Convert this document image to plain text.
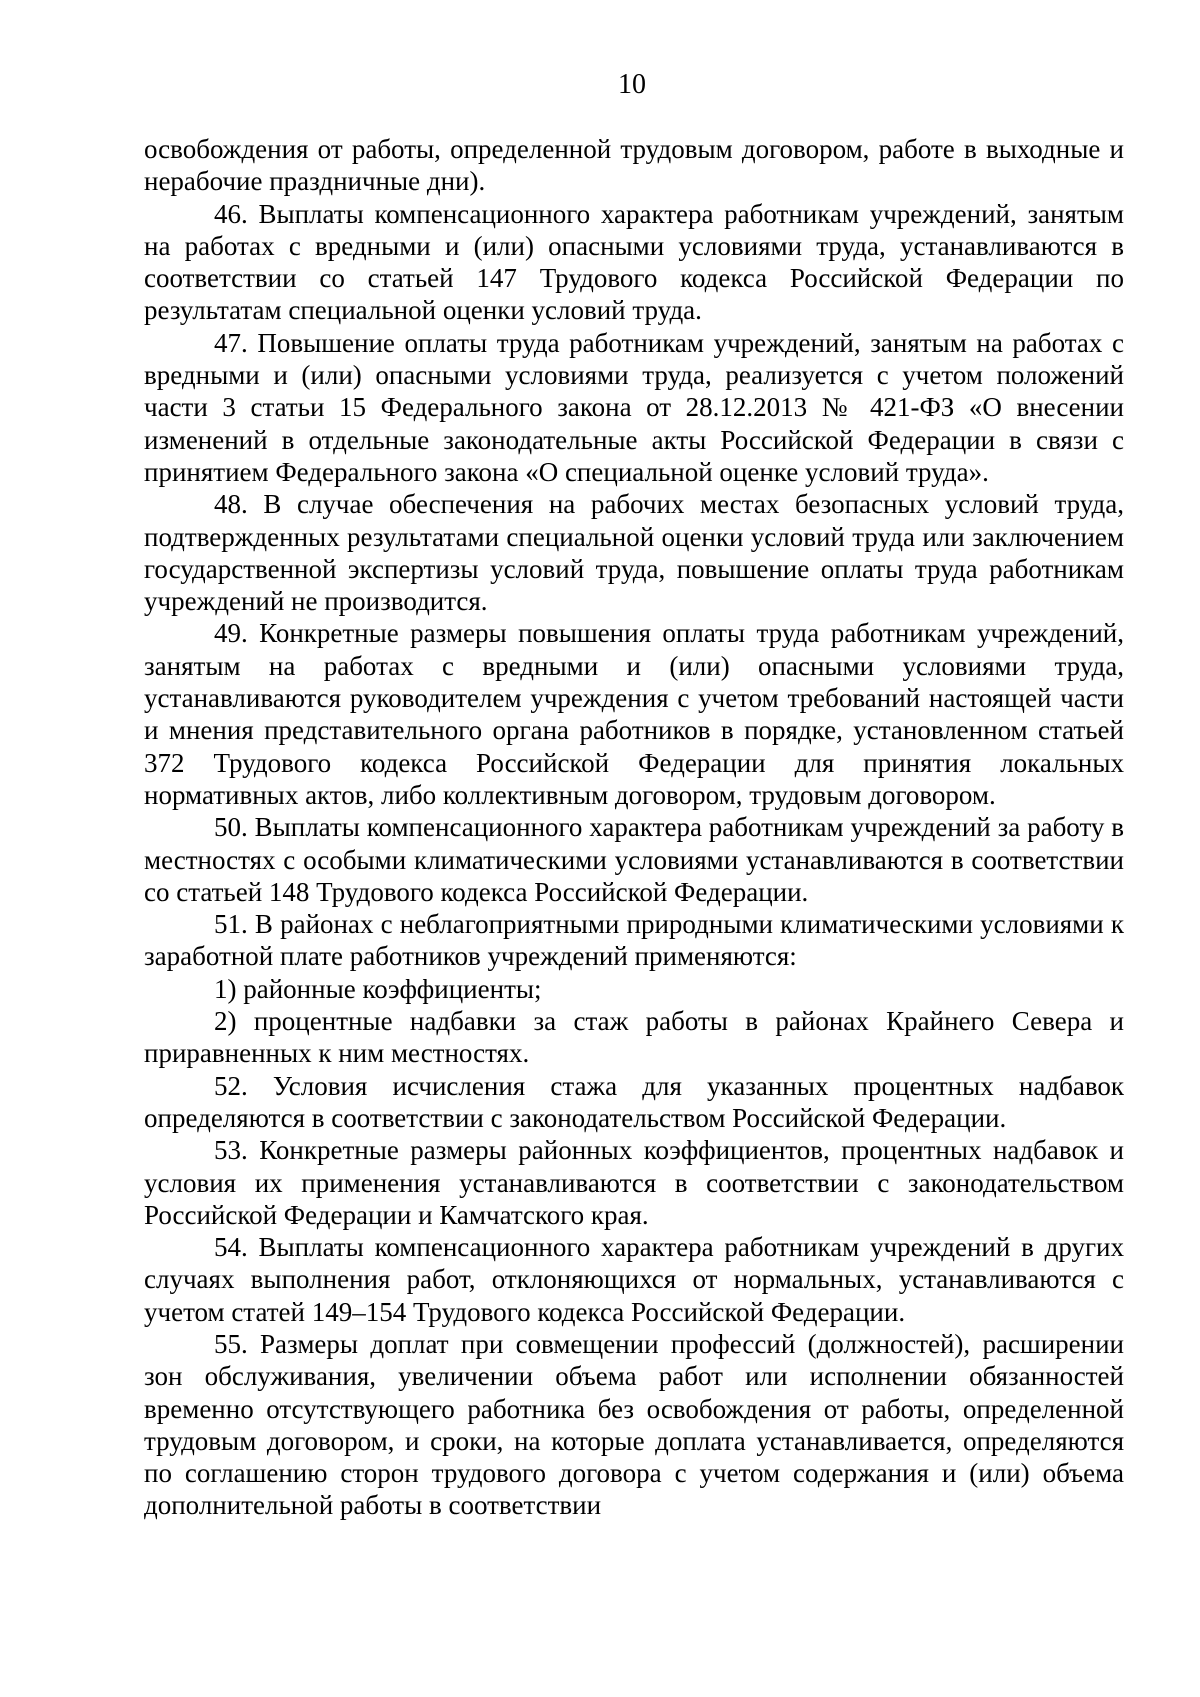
10

освобождения от работы, определенной трудовым договором, работе в выходные и нерабочие праздничные дни).

46. Выплаты компенсационного характера работникам учреждений, занятым на работах с вредными и (или) опасными условиями труда, устанавливаются в соответствии со статьей 147 Трудового кодекса Российской Федерации по результатам специальной оценки условий труда.

47. Повышение оплаты труда работникам учреждений, занятым на работах с вредными и (или) опасными условиями труда, реализуется с учетом положений части 3 статьи 15 Федерального закона от 28.12.2013 № 421-ФЗ «О внесении изменений в отдельные законодательные акты Российской Федерации в связи с принятием Федерального закона «О специальной оценке условий труда».

48. В случае обеспечения на рабочих местах безопасных условий труда, подтвержденных результатами специальной оценки условий труда или заключением государственной экспертизы условий труда, повышение оплаты труда работникам учреждений не производится.

49. Конкретные размеры повышения оплаты труда работникам учреждений, занятым на работах с вредными и (или) опасными условиями труда, устанавливаются руководителем учреждения с учетом требований настоящей части и мнения представительного органа работников в порядке, установленном статьей 372 Трудового кодекса Российской Федерации для принятия локальных нормативных актов, либо коллективным договором, трудовым договором.

50. Выплаты компенсационного характера работникам учреждений за работу в местностях с особыми климатическими условиями устанавливаются в соответствии со статьей 148 Трудового кодекса Российской Федерации.

51. В районах с неблагоприятными природными климатическими условиями к заработной плате работников учреждений применяются:

1) районные коэффициенты;

2) процентные надбавки за стаж работы в районах Крайнего Севера и приравненных к ним местностях.

52. Условия исчисления стажа для указанных процентных надбавок определяются в соответствии с законодательством Российской Федерации.

53. Конкретные размеры районных коэффициентов, процентных надбавок и условия их применения устанавливаются в соответствии с законодательством Российской Федерации и Камчатского края.

54. Выплаты компенсационного характера работникам учреждений в других случаях выполнения работ, отклоняющихся от нормальных, устанавливаются с учетом статей 149–154 Трудового кодекса Российской Федерации.

55. Размеры доплат при совмещении профессий (должностей), расширении зон обслуживания, увеличении объема работ или исполнении обязанностей временно отсутствующего работника без освобождения от работы, определенной трудовым договором, и сроки, на которые доплата устанавливается, определяются по соглашению сторон трудового договора с учетом содержания и (или) объема дополнительной работы в соответствии
